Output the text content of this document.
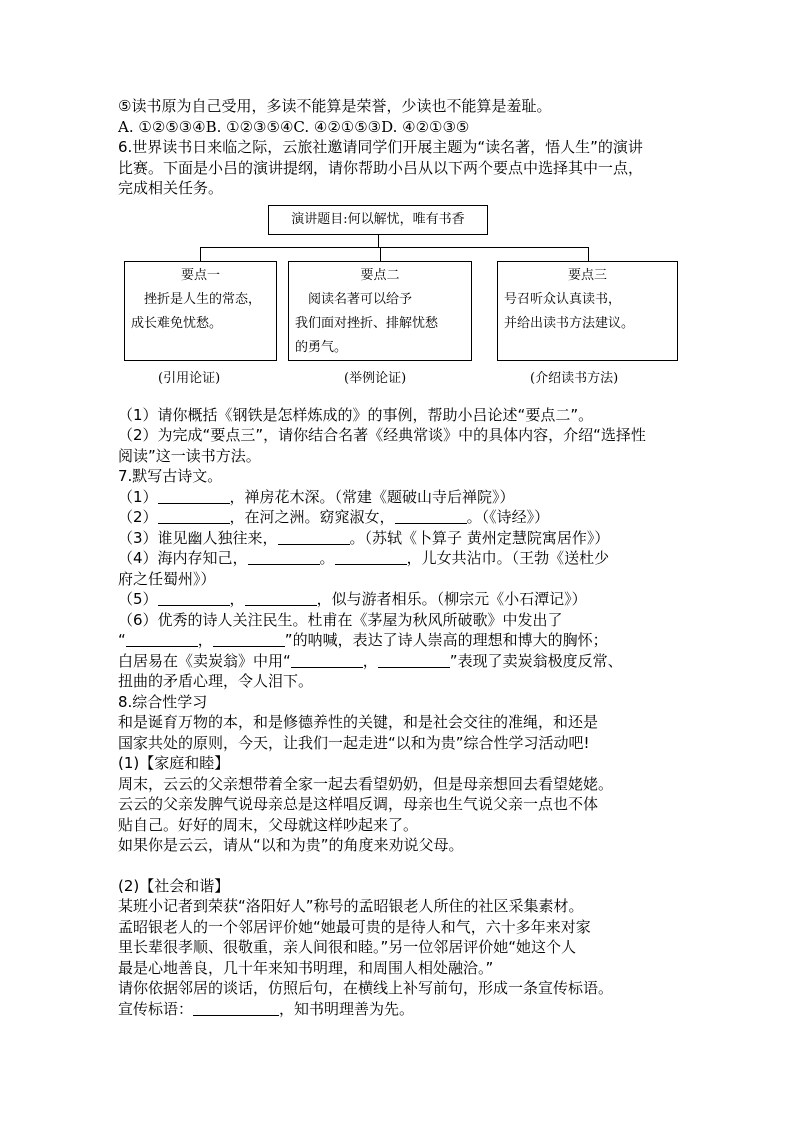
⑤读书原为自己受用，多读不能算是荣誉，少读也不能算是羞耻。
A. ①②⑤③④B. ①②③⑤④C. ④②①⑤③D. ④②①③⑤
6.世界读书日来临之际，云旅社邀请同学们开展主题为“读名著，悟人生”的演讲
比赛。下面是小吕的演讲提纲，请你帮助小吕从以下两个要点中选择其中一点，
完成相关任务。
演讲题目:何以解忧，唯有书香
要点一
　挫折是人生的常态，
成长难免忧愁。
要点二
　阅读名著可以给予
我们面对挫折、排解忧愁
的勇气。
要点三
号召听众认真读书，
并给出读书方法建议。
(引用论证)	(举例论证)	(介绍读书方法)
（1）请你概括《钢铁是怎样炼成的》的事例，帮助小吕论述“要点二”。
（2）为完成“要点三”，请你结合名著《经典常谈》中的具体内容，介绍“选择性
阅读”这一读书方法。
7.默写古诗文。
（1）	，禅房花木深。（常建《题破山寺后禅院》）
（2）	，在河之洲。窈窕淑女，	。（《诗经》）
（3）谁见幽人独往来，	。（苏轼《卜算子 黄州定慧院寓居作》）
（4）海内存知己，	。	，儿女共沾巾。（王勃《送杜少
府之任蜀州》）
（5）	，	，似与游者相乐。（柳宗元《小石潭记》）
（6）优秀的诗人关注民生。杜甫在《茅屋为秋风所破歌》中发出了
“	，	”的呐喊，表达了诗人崇高的理想和博大的胸怀；
白居易在《卖炭翁》中用“	，	”表现了卖炭翁极度反常、
扭曲的矛盾心理，令人泪下。
8.综合性学习
和是诞育万物的本，和是修德养性的关键，和是社会交往的准绳，和还是
国家共处的原则，今天，让我们一起走进“以和为贵”综合性学习活动吧!
(1)【家庭和睦】
周末，云云的父亲想带着全家一起去看望奶奶，但是母亲想回去看望姥姥。
云云的父亲发脾气说母亲总是这样唱反调，母亲也生气说父亲一点也不体
贴自己。好好的周末，父母就这样吵起来了。
如果你是云云，请从“以和为贵”的角度来劝说父母。
(2)【社会和谐】
某班小记者到荣获“洛阳好人”称号的孟昭银老人所住的社区采集素材。
孟昭银老人的一个邻居评价她“她最可贵的是待人和气，六十多年来对家
里长辈很孝顺、很敬重，亲人间很和睦。”另一位邻居评价她“她这个人
最是心地善良，几十年来知书明理，和周围人相处融洽。”
请你依据邻居的谈话，仿照后句，在横线上补写前句，形成一条宣传标语。
宣传标语：	，知书明理善为先。
